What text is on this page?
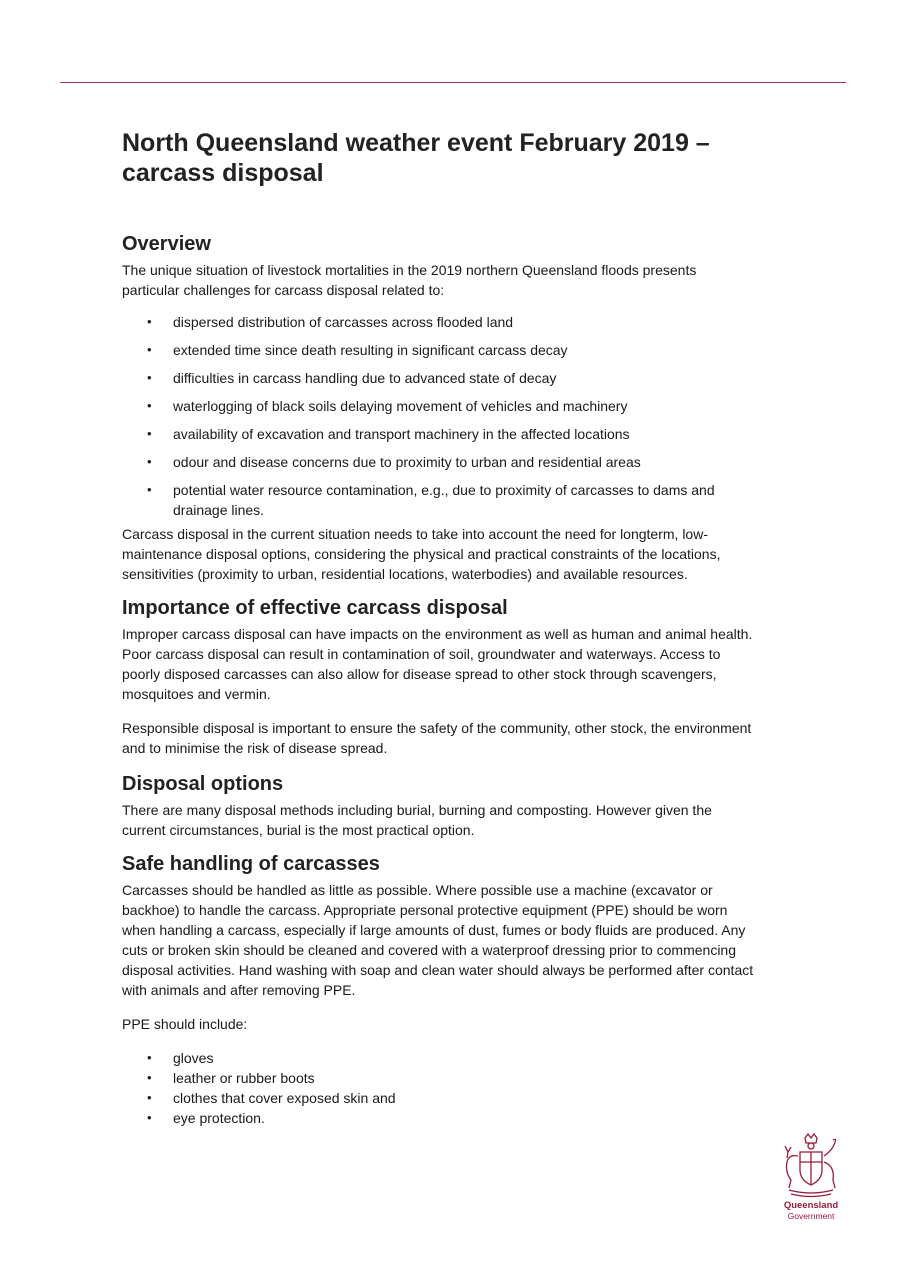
North Queensland weather event February 2019 –
carcass disposal
Overview

The unique situation of livestock mortalities in the 2019 northern Queensland floods presents
particular challenges for carcass disposal related to:

• dispersed distribution of carcasses across flooded land
• extended time since death resulting in significant carcass decay
• difficulties in carcass handling due to advanced state of decay
• waterlogging of black soils delaying movement of vehicles and machinery
• availability of excavation and transport machinery in the affected locations
• odour and disease concerns due to proximity to urban and residential areas
• potential water resource contamination, e.g., due to proximity of carcasses to dams and
drainage lines.

Carcass disposal in the current situation needs to take into account the need for longterm, low-
maintenance disposal options, considering the physical and practical constraints of the locations,
sensitivities (proximity to urban, residential locations, waterbodies) and available resources.

Importance of effective carcass disposal

Improper carcass disposal can have impacts on the environment as well as human and animal health.
Poor carcass disposal can result in contamination of soil, groundwater and waterways. Access to
poorly disposed carcasses can also allow for disease spread to other stock through scavengers,
mosquitoes and vermin.

Responsible disposal is important to ensure the safety of the community, other stock, the environment
and to minimise the risk of disease spread.

Disposal options

There are many disposal methods including burial, burning and composting. However given the
current circumstances, burial is the most practical option.

Safe handling of carcasses

Carcasses should be handled as little as possible. Where possible use a machine (excavator or
backhoe) to handle the carcass. Appropriate personal protective equipment (PPE) should be worn
when handling a carcass, especially if large amounts of dust, fumes or body fluids are produced. Any
cuts or broken skin should be cleaned and covered with a waterproof dressing prior to commencing
disposal activities. Hand washing with soap and clean water should always be performed after contact
with animals and after removing PPE.

PPE should include:

• gloves
• leather or rubber boots
• clothes that cover exposed skin and
• eye protection.
Queensland
Government
